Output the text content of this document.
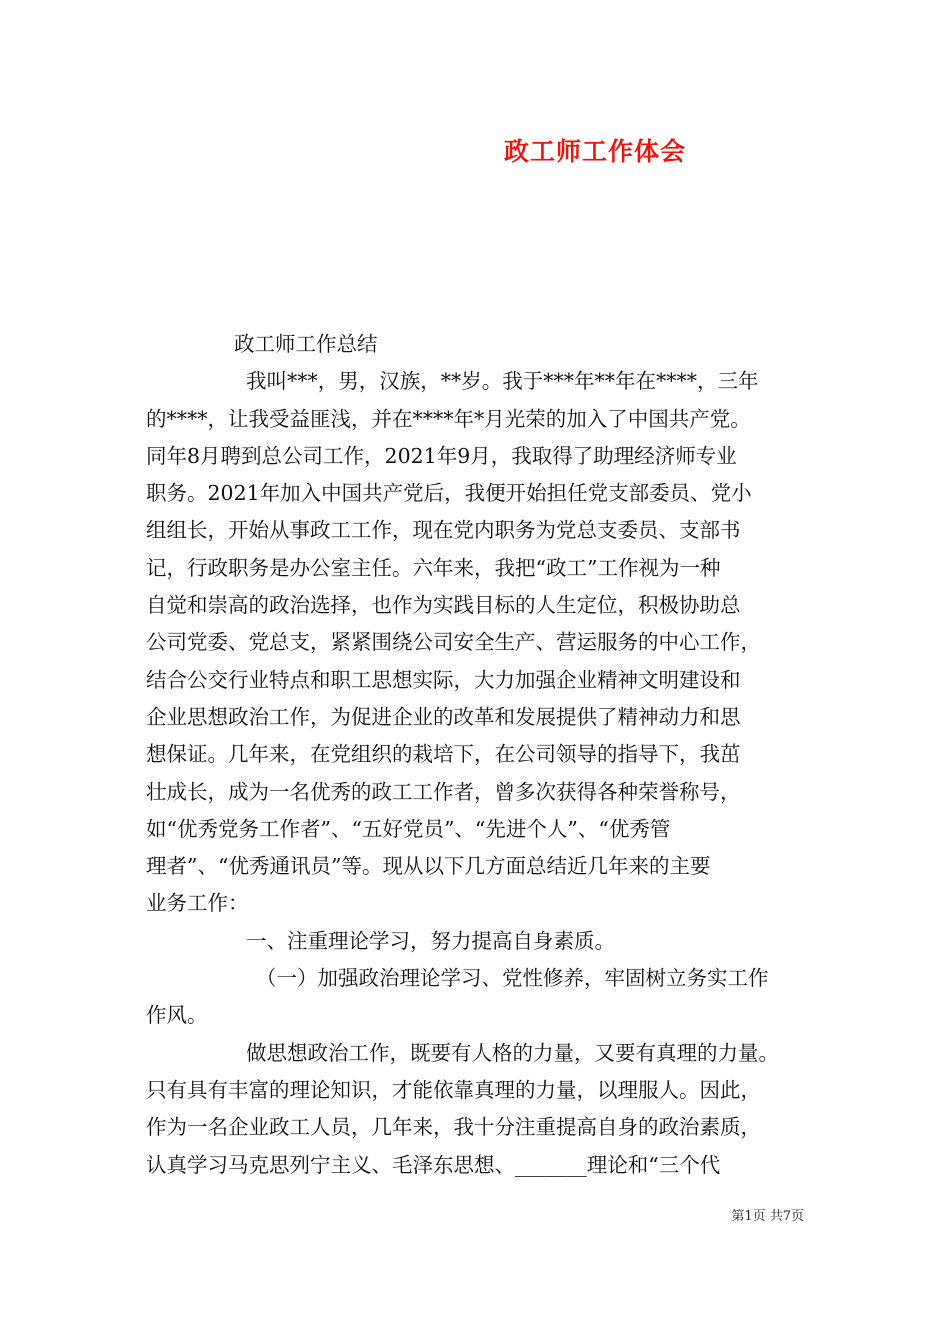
政工师工作体会
政工师工作总结
我叫***，男，汉族，**岁。我于***年**年在****，三年
的****，让我受益匪浅，并在****年*月光荣的加入了中国共产党。
同年8月聘到总公司工作，2021年9月，我取得了助理经济师专业
职务。2021年加入中国共产党后，我便开始担任党支部委员、党小
组组长，开始从事政工工作，现在党内职务为党总支委员、支部书
记，行政职务是办公室主任。六年来，我把“政工”工作视为一种
自觉和崇高的政治选择，也作为实践目标的人生定位，积极协助总
公司党委、党总支，紧紧围绕公司安全生产、营运服务的中心工作，
结合公交行业特点和职工思想实际，大力加强企业精神文明建设和
企业思想政治工作，为促进企业的改革和发展提供了精神动力和思
想保证。几年来，在党组织的栽培下，在公司领导的指导下，我茁
壮成长，成为一名优秀的政工工作者，曾多次获得各种荣誉称号，
如“优秀党务工作者”、“五好党员”、“先进个人”、“优秀管
理者”、“优秀通讯员”等。现从以下几方面总结近几年来的主要
业务工作：
一、注重理论学习，努力提高自身素质。
（一）加强政治理论学习、党性修养，牢固树立务实工作
作风。
做思想政治工作，既要有人格的力量，又要有真理的力量。
只有具有丰富的理论知识，才能依靠真理的力量，以理服人。因此，
作为一名企业政工人员，几年来，我十分注重提高自身的政治素质，
认真学习马克思列宁主义、毛泽东思想、_______理论和“三个代
第1页 共7页
